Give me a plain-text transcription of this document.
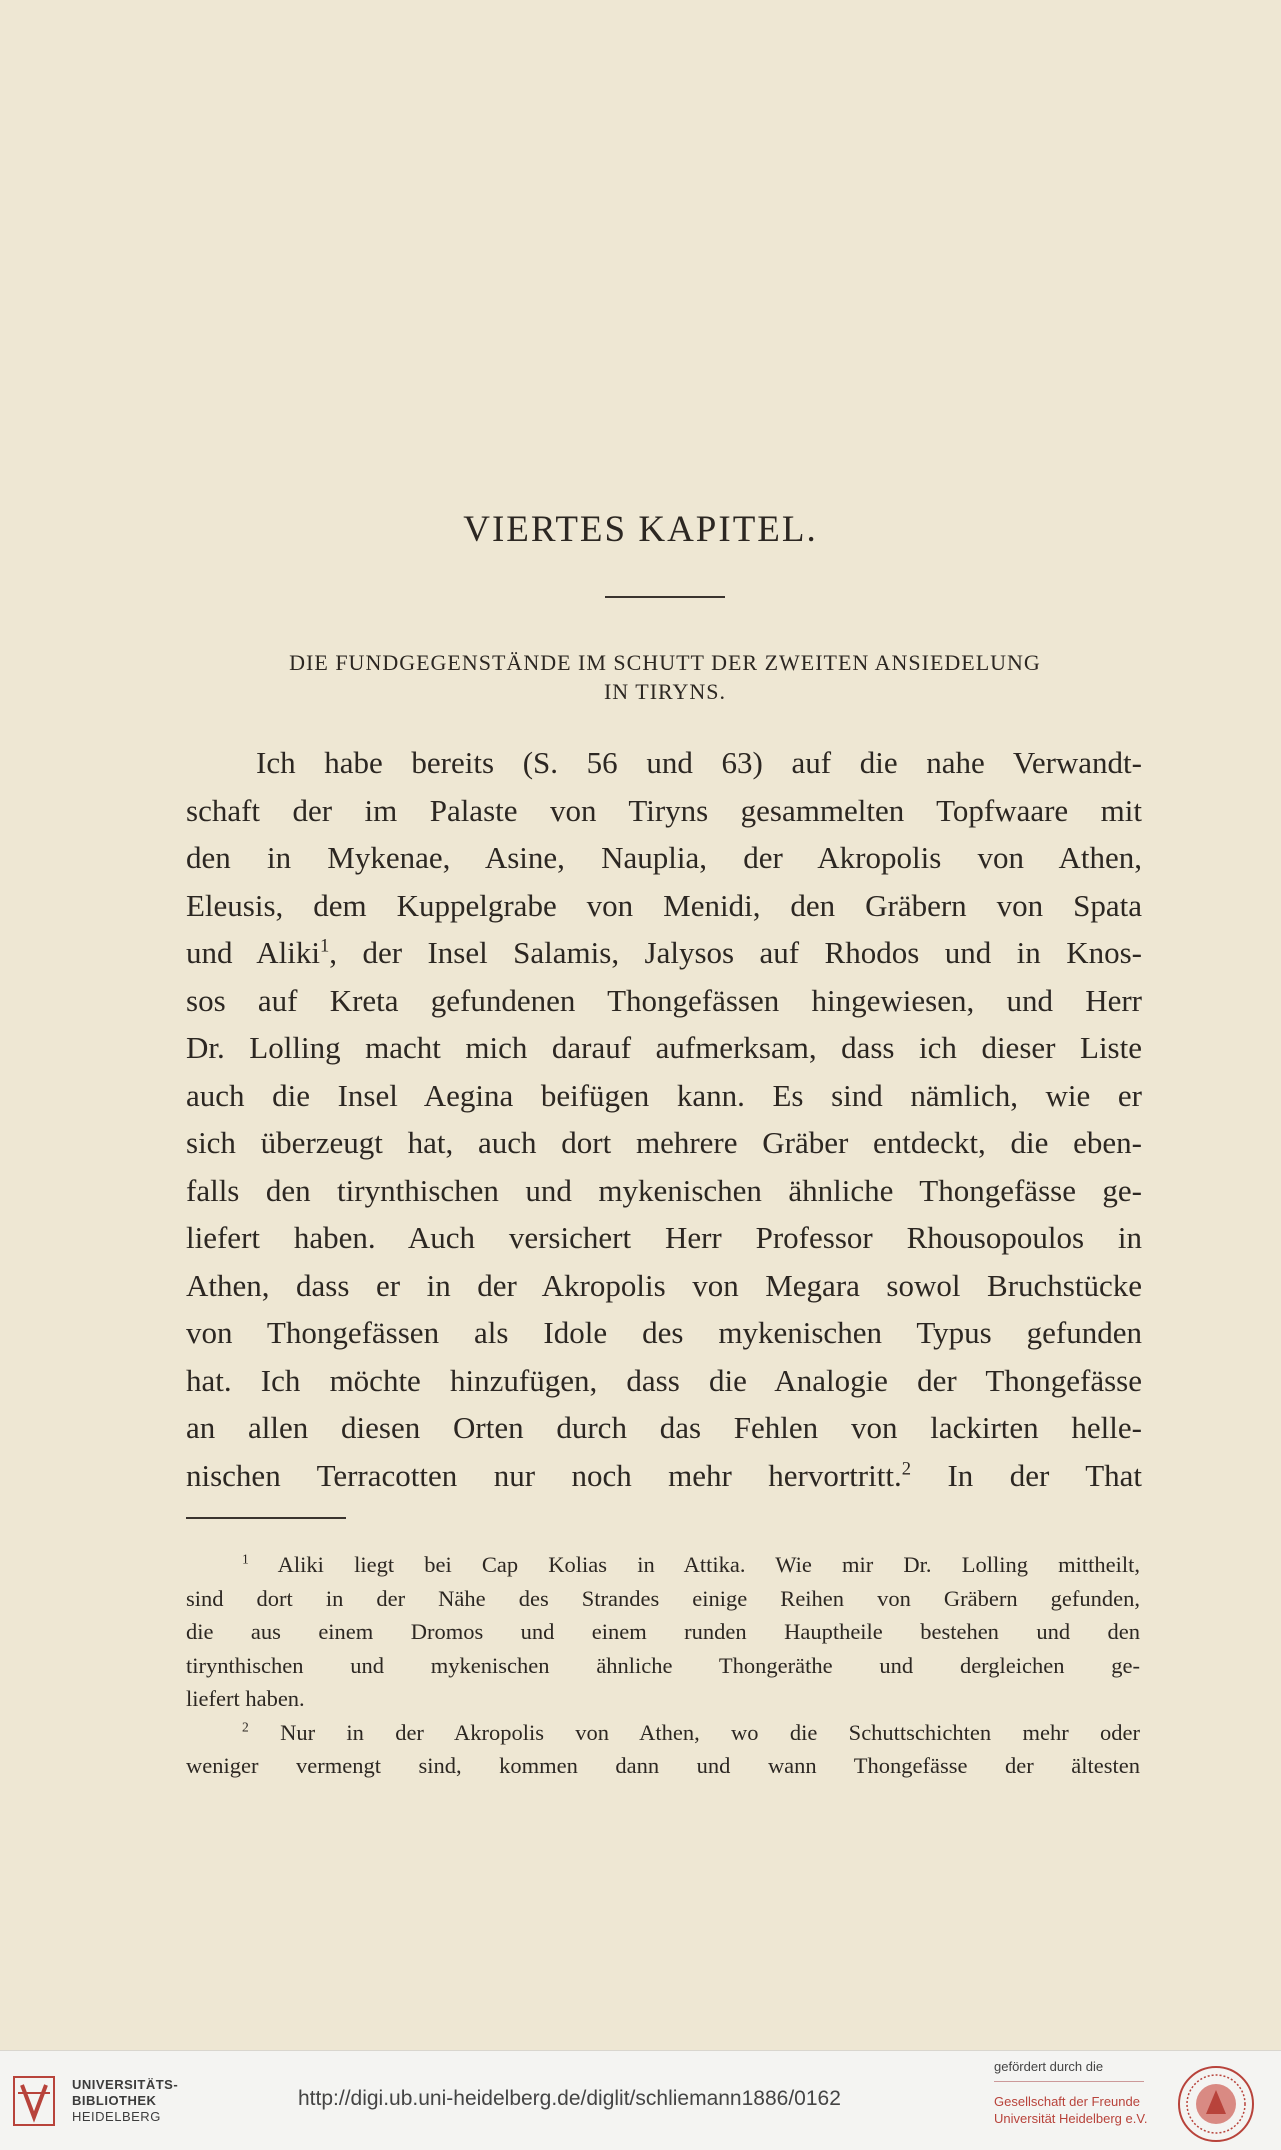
VIERTES KAPITEL.
DIE FUNDGEGENSTÄNDE IM SCHUTT DER ZWEITEN ANSIEDELUNG
IN TIRYNS.
Ich habe bereits (S. 56 und 63) auf die nahe Verwandt-
schaft der im Palaste von Tiryns gesammelten Topfwaare mit
den in Mykenae, Asine, Nauplia, der Akropolis von Athen,
Eleusis, dem Kuppelgrabe von Menidi, den Gräbern von Spata
und Aliki$^1$, der Insel Salamis, Jalysos auf Rhodos und in Knos-
sos auf Kreta gefundenen Thongefässen hingewiesen, und Herr
Dr. Lolling macht mich darauf aufmerksam, dass ich dieser Liste
auch die Insel Aegina beifügen kann. Es sind nämlich, wie er
sich überzeugt hat, auch dort mehrere Gräber entdeckt, die eben-
falls den tirynthischen und mykenischen ähnliche Thongefässe ge-
liefert haben. Auch versichert Herr Professor Rhousopoulos in
Athen, dass er in der Akropolis von Megara sowol Bruchstücke
von Thongefässen als Idole des mykenischen Typus gefunden
hat. Ich möchte hinzufügen, dass die Analogie der Thongefässe
an allen diesen Orten durch das Fehlen von lackirten helle-
nischen Terracotten nur noch mehr hervortritt.$^2$ In der That
$^1$ Aliki liegt bei Cap Kolias in Attika. Wie mir Dr. Lolling mittheilt,
sind dort in der Nähe des Strandes einige Reihen von Gräbern gefunden,
die aus einem Dromos und einem runden Hauptheile bestehen und den
tirynthischen und mykenischen ähnliche Thongeräthe und dergleichen ge-
liefert haben.
$^2$ Nur in der Akropolis von Athen, wo die Schuttschichten mehr oder
weniger vermengt sind, kommen dann und wann Thongefässe der ältesten
UNIVERSITÄTS-
BIBLIOTHEK
HEIDELBERG
http://digi.ub.uni-heidelberg.de/diglit/schliemann1886/0162
gefördert durch die
Gesellschaft der Freunde
Universität Heidelberg e.V.
